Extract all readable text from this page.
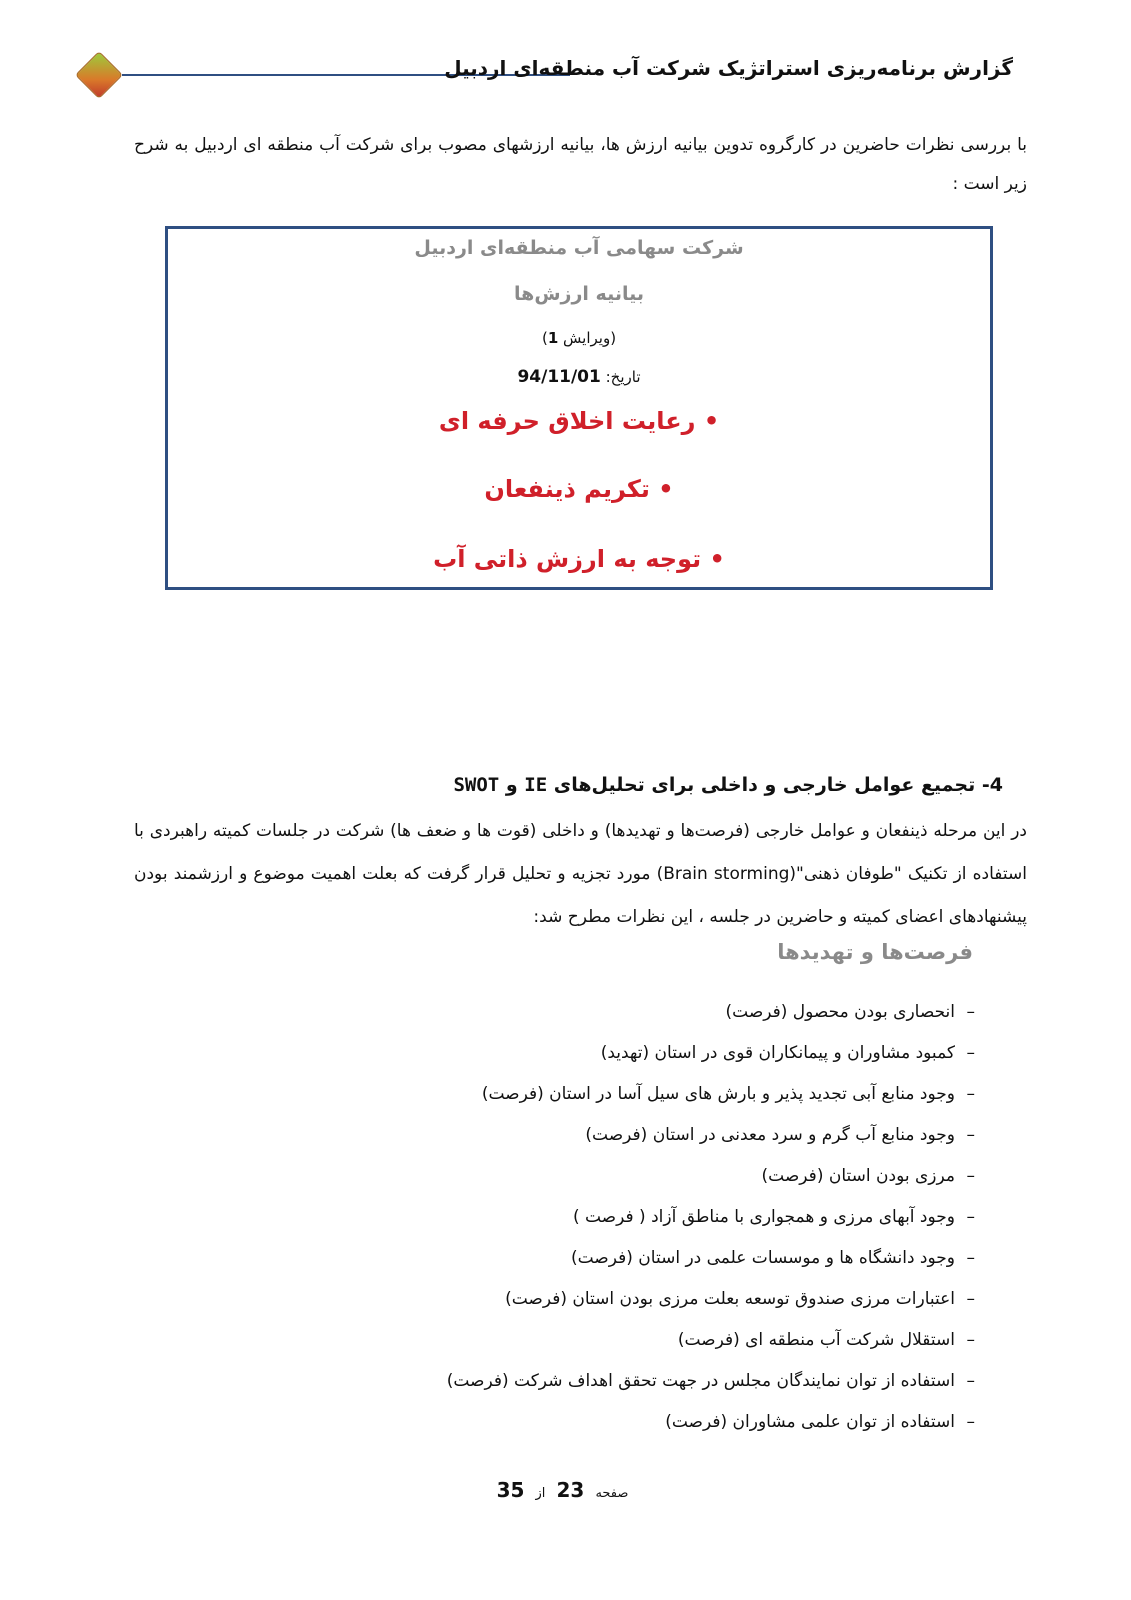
گزارش برنامه‌ریزی استراتژیک شرکت آب منطقه‌ای اردبیل

با بررسی نظرات حاضرین در کارگروه تدوین بیانیه ارزش ها، بیانیه ارزشهای مصوب برای شرکت آب منطقه ای اردبیل به شرح زیر است :

شرکت سهامی آب منطقه‌ای اردبیل
بیانیه ارزش‌ها
(ویرایش 1)
تاریخ: 94/11/01
• رعایت اخلاق حرفه ای
• تکریم ذینفعان
• توجه به ارزش ذاتی آب
4- تجمیع عوامل خارجی و داخلی برای تحلیل‌های IE و SWOT

در این مرحله ذینفعان و عوامل خارجی (فرصت‌ها و تهدیدها) و داخلی (قوت ها و ضعف ها) شرکت در جلسات کمیته راهبردی با استفاده از تکنیک "طوفان ذهنی"(Brain storming) مورد تجزیه و تحلیل قرار گرفت که بعلت اهمیت موضوع و ارزشمند بودن پیشنهادهای اعضای کمیته و حاضرین در جلسه ، این نظرات مطرح شد:

فرصت‌ها و تهدیدها
–انحصاری بودن محصول (فرصت)
–کمبود مشاوران و پیمانکاران قوی در استان (تهدید)
–وجود منابع آبی تجدید پذیر و بارش های سیل آسا در استان (فرصت)
–وجود منابع آب گرم و سرد معدنی در استان (فرصت)
–مرزی بودن استان (فرصت)
–وجود آبهای مرزی و همجواری با مناطق آزاد ( فرصت )
–وجود دانشگاه ها و موسسات علمی در استان (فرصت)
–اعتبارات مرزی صندوق توسعه بعلت مرزی بودن استان (فرصت)
–استقلال شرکت آب منطقه ای (فرصت)
–استفاده از توان نمایندگان مجلس در جهت تحقق اهداف شرکت (فرصت)
–استفاده از توان علمی مشاوران (فرصت)
صفحه 23 از 35
